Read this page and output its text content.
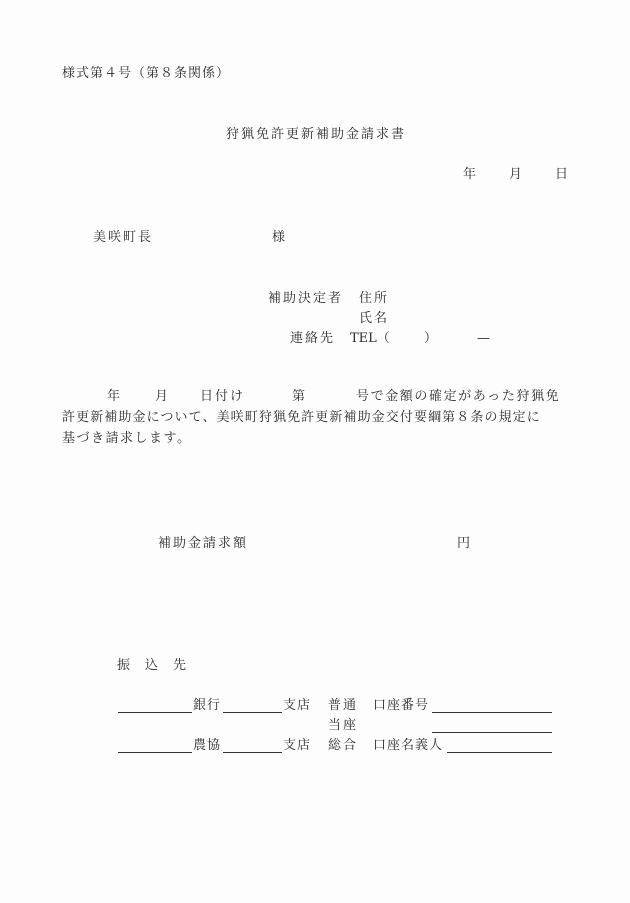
様式第４号（第８条関係）
狩猟免許更新補助金請求書
年 月 日
美咲町長	様
補助決定者 住所
氏名
連絡先 TEL（	）	—
年	月 日付け	第	号で金額の確定があった狩猟免
許更新補助金について、美咲町狩猟免許更新補助金交付要綱第８条の規定に
基づき請求します。
補助金請求額	円
振　込　先
銀行	支店 普通 口座番号
当座
農協	支店 総合 口座名義人
